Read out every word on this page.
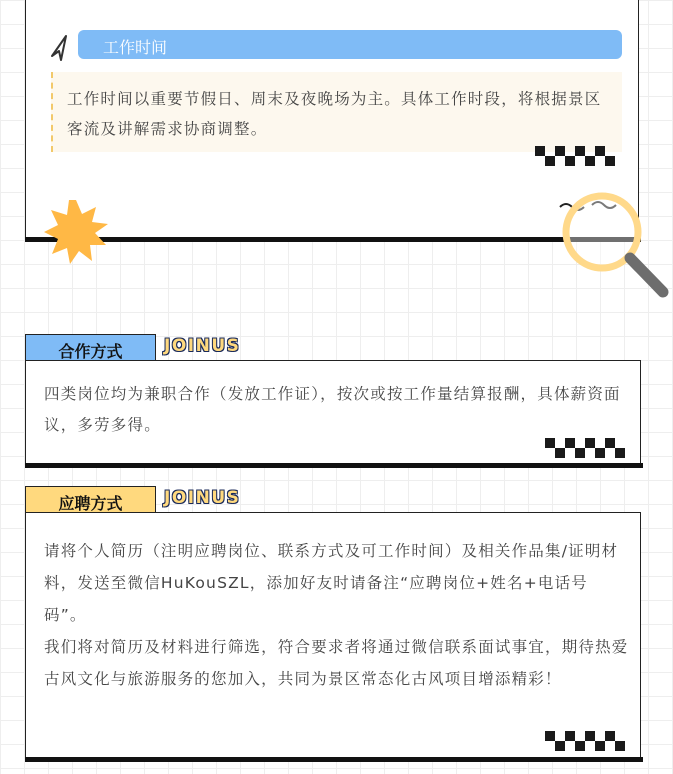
工作时间
工作时间以重要节假日、周末及夜晚场为主。具体工作时段，将根据景区客流及讲解需求协商调整。
合作方式	JOINUS
四类岗位均为兼职合作（发放工作证），按次或按工作量结算报酬，具体薪资面议，多劳多得。
应聘方式	JOINUS

请将个人简历（注明应聘岗位、联系方式及可工作时间）及相关作品集/证明材料，发送至微信HuKouSZL，添加好友时请备注“应聘岗位+姓名+电话号码”。

我们将对简历及材料进行筛选，符合要求者将通过微信联系面试事宜，期待热爱古风文化与旅游服务的您加入，共同为景区常态化古风项目增添精彩！
